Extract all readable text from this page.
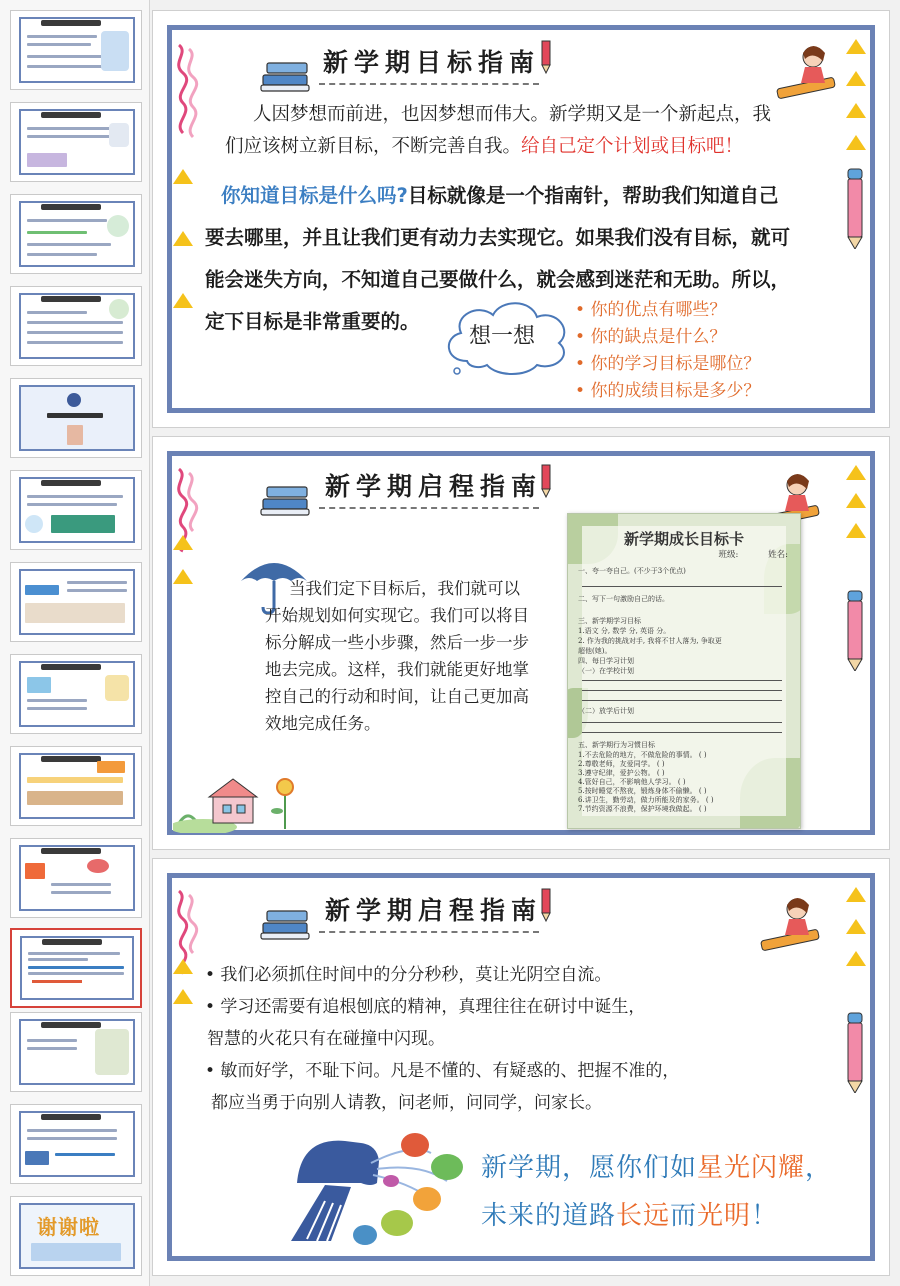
谢谢啦
新学期目标指南
人因梦想而前进，也因梦想而伟大。新学期又是一个新起点，我
们应该树立新目标，不断完善自我。给自己定个计划或目标吧！
你知道目标是什么吗?目标就像是一个指南针，帮助我们知道自己
要去哪里，并且让我们更有动力去实现它。如果我们没有目标，就可
能会迷失方向，不知道自己要做什么，就会感到迷茫和无助。所以，
定下目标是非常重要的。
想一想
• 你的优点有哪些？
• 你的缺点是什么？
• 你的学习目标是哪位？
• 你的成绩目标是多少？
新学期启程指南
当我们定下目标后，我们就可以
开始规划如何实现它。我们可以将目
标分解成一些小步骤，然后一步一步
地去完成。这样，我们就能更好地掌
控自己的行动和时间，让自己更加高
效地完成任务。
新学期成长目标卡
班级:           姓名:
一、夸一夸自己。(不少于3个优点)
二、写下一句激励自己的话。
三、新学期学习目标
1.语文 分, 数学 分, 英语 分。
2. 作为我的挑战对手, 我将不甘人落为, 争取更
超他(她)。
四、每日学习计划
（一）在学校计划
（二）放学后计划
五、新学期行为习惯目标
1.不去危险的地方，不做危险的事情。 ( )
2.尊敬老师，友爱同学。 ( )
3.遵守纪律，爱护公物。 ( )
4.管好自己，不影响他人学习。 ( )
5.按时睡觉不熬夜，锻炼身体不偷懒。 ( )
6.讲卫生，勤劳动，做力所能及的家务。 ( )
7.节约资源不浪费，保护环境我做起。 ( )
新学期启程指南
• 我们必须抓住时间中的分分秒秒，莫让光阴空自流。
• 学习还需要有追根刨底的精神，真理往往在研讨中诞生，
智慧的火花只有在碰撞中闪现。
• 敏而好学，不耻下问。凡是不懂的、有疑惑的、把握不准的，
都应当勇于向别人请教，问老师，问同学，问家长。
新学期，愿你们如星光闪耀，
未来的道路长远而光明！
